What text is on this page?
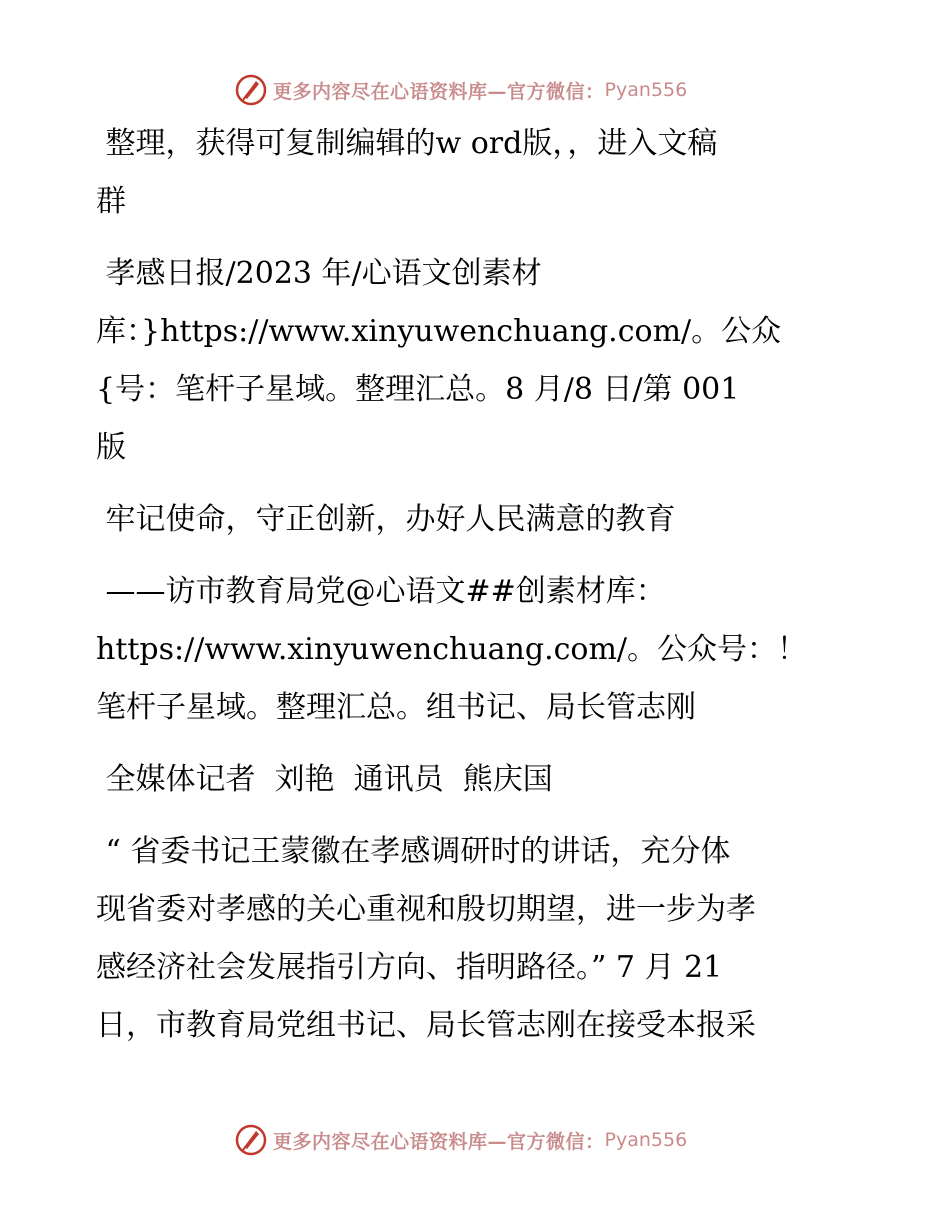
更多内容尽在心语资料库—官方微信： Pyan556

整理，获得可复制编辑的w ord版，，进入文稿

群

孝感日报/2023 年/心语文创素材

库：}https://www.xinyuwenchuang.com/。公众

{号：笔杆子星域。整理汇总。8 月/8 日/第 001

版

牢记使命，守正创新，办好人民满意的教育

——访市教育局党@心语文##创素材库：

https://www.xinyuwenchuang.com/。公众号：！

笔杆子星域。整理汇总。组书记、局长管志刚

全媒体记者  刘艳  通讯员  熊庆国

“ 省委书记王蒙徽在孝感调研时的讲话，充分体

现省委对孝感的关心重视和殷切期望，进一步为孝

感经济社会发展指引方向、指明路径。” 7 月 21

日，市教育局党组书记、局长管志刚在接受本报采

更多内容尽在心语资料库—官方微信： Pyan556
